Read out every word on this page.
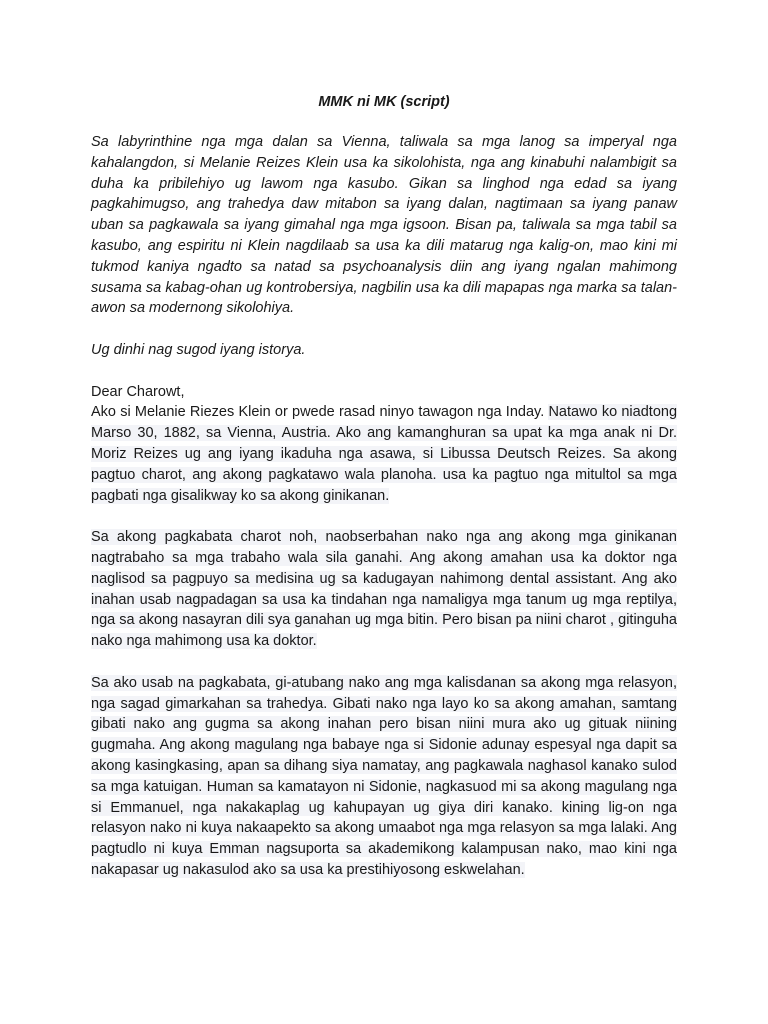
MMK ni MK (script)

Sa labyrinthine nga mga dalan sa Vienna, taliwala sa mga lanog sa imperyal nga kahalangdon, si Melanie Reizes Klein usa ka sikolohista, nga ang kinabuhi nalambigit sa duha ka pribilehiyo ug lawom nga kasubo. Gikan sa linghod nga edad sa iyang pagkahimugso, ang trahedya daw mitabon sa iyang dalan, nagtimaan sa iyang panaw uban sa pagkawala sa iyang gimahal nga mga igsoon. Bisan pa, taliwala sa mga tabil sa kasubo, ang espiritu ni Klein nagdilaab sa usa ka dili matarug nga kalig-on, mao kini mi tukmod kaniya ngadto sa natad sa psychoanalysis diin ang iyang ngalan mahimong susama sa kabag-ohan ug kontrobersiya, nagbilin usa ka dili mapapas nga marka sa talan-awon sa modernong sikolohiya.

Ug dinhi nag sugod iyang istorya.

Dear Charowt,

Ako si Melanie Riezes Klein or pwede rasad ninyo tawagon nga Inday. Natawo ko niadtong Marso 30, 1882, sa Vienna, Austria. Ako ang kamanghuran sa upat ka mga anak ni Dr. Moriz Reizes ug ang iyang ikaduha nga asawa, si Libussa Deutsch Reizes. Sa akong pagtuo charot, ang akong pagkatawo wala planoha. usa ka pagtuo nga mitultol sa mga pagbati nga gisalikway ko sa akong ginikanan.

Sa akong pagkabata charot noh, naobserbahan nako nga ang akong mga ginikanan nagtrabaho sa mga trabaho wala sila ganahi. Ang akong amahan usa ka doktor nga naglisod sa pagpuyo sa medisina ug sa kadugayan nahimong dental assistant. Ang ako inahan usab nagpadagan sa usa ka tindahan nga namaligya mga tanum ug mga reptilya, nga sa akong nasayran dili sya ganahan ug mga bitin. Pero bisan pa niini charot , gitinguha nako nga mahimong usa ka doktor.

Sa ako usab na pagkabata, gi-atubang nako ang mga kalisdanan sa akong mga relasyon, nga sagad gimarkahan sa trahedya. Gibati nako nga layo ko sa akong amahan, samtang gibati nako ang gugma sa akong inahan pero bisan niini mura ako ug gituak niining gugmaha. Ang akong magulang nga babaye nga si Sidonie adunay espesyal nga dapit sa akong kasingkasing, apan sa dihang siya namatay, ang pagkawala naghasol kanako sulod sa mga katuigan. Human sa kamatayon ni Sidonie, nagkasuod mi sa akong magulang nga si Emmanuel, nga nakakaplag ug kahupayan ug giya diri kanako. kining lig-on nga relasyon nako ni kuya nakaapekto sa akong umaabot nga mga relasyon sa mga lalaki. Ang pagtudlo ni kuya Emman nagsuporta sa akademikong kalampusan nako, mao kini nga nakapasar ug nakasulod ako sa usa ka prestihiyosong eskwelahan.
